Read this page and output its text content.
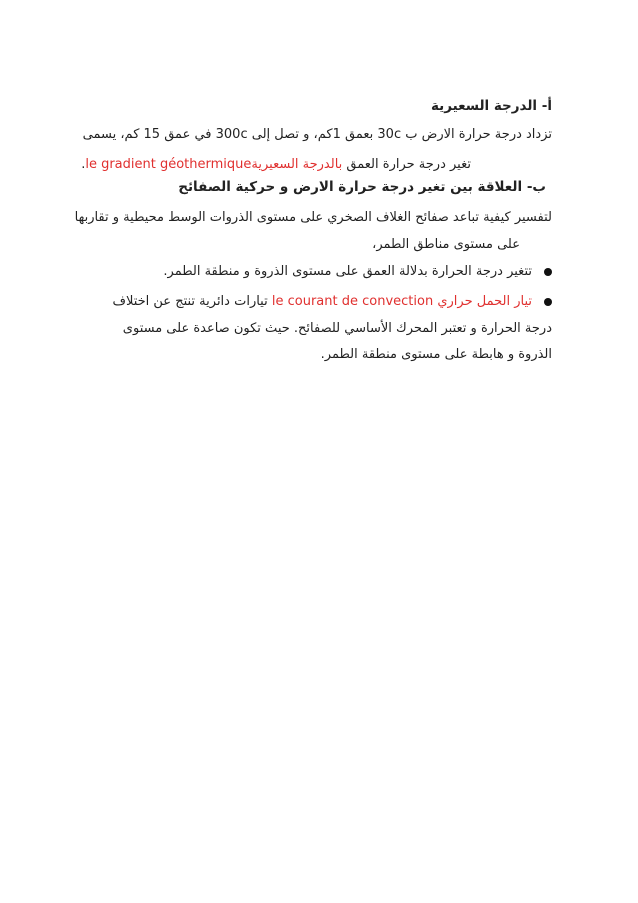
أ- الدرجة السعيرية
تزداد درجة حرارة الارض ب 30c بعمق 1كم، و تصل إلى 300c في عمق 15 كم، يسمى
تغير درجة حرارة العمق بالدرجة السعيريةle gradient géothermique.
ب- العلاقة بين تغير درجة حرارة الارض و حركية الصفائح
لتفسير كيفية تباعد صفائح الغلاف الصخري على مستوى الذروات الوسط محيطية و تقاربها
على مستوى مناطق الطمر،
تتغير درجة الحرارة بدلالة العمق على مستوى الذروة و منطقة الطمر.
تيار الحمل حراري le courant de convection تيارات دائرية تنتج عن اختلاف
درجة الحرارة و تعتبر المحرك الأساسي للصفائح. حيث تكون صاعدة على مستوى
الذروة و هابطة على مستوى منطقة الطمر.
